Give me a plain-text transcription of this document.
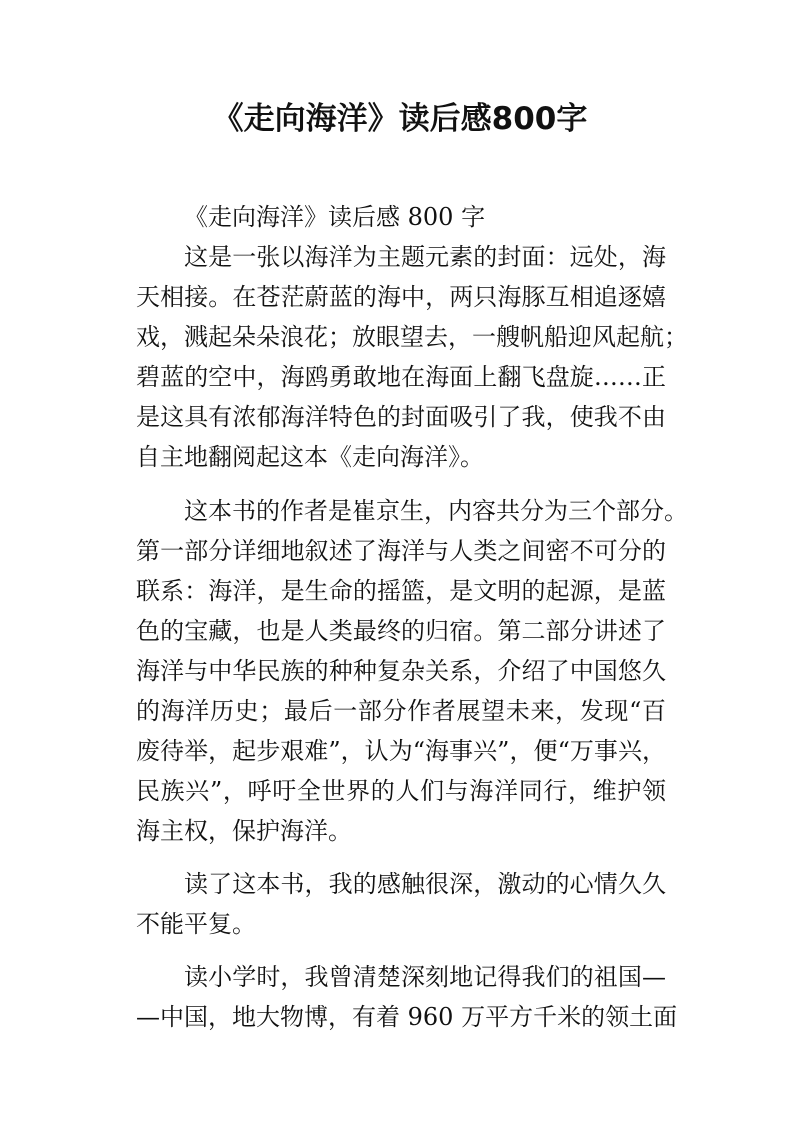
《走向海洋》读后感800字
《走向海洋》读后感 800 字
这是一张以海洋为主题元素的封面：远处，海
天相接。在苍茫蔚蓝的海中，两只海豚互相追逐嬉
戏，溅起朵朵浪花；放眼望去，一艘帆船迎风起航；
碧蓝的空中，海鸥勇敢地在海面上翻飞盘旋……正
是这具有浓郁海洋特色的封面吸引了我，使我不由
自主地翻阅起这本《走向海洋》。
这本书的作者是崔京生，内容共分为三个部分。
第一部分详细地叙述了海洋与人类之间密不可分的
联系：海洋，是生命的摇篮，是文明的起源，是蓝
色的宝藏，也是人类最终的归宿。第二部分讲述了
海洋与中华民族的种种复杂关系，介绍了中国悠久
的海洋历史；最后一部分作者展望未来，发现“百
废待举，起步艰难”，认为“海事兴”，便“万事兴，
民族兴”，呼吁全世界的人们与海洋同行，维护领
海主权，保护海洋。
读了这本书，我的感触很深，激动的心情久久
不能平复。
读小学时，我曾清楚深刻地记得我们的祖国—
—中国，地大物博，有着 960 万平方千米的领土面
